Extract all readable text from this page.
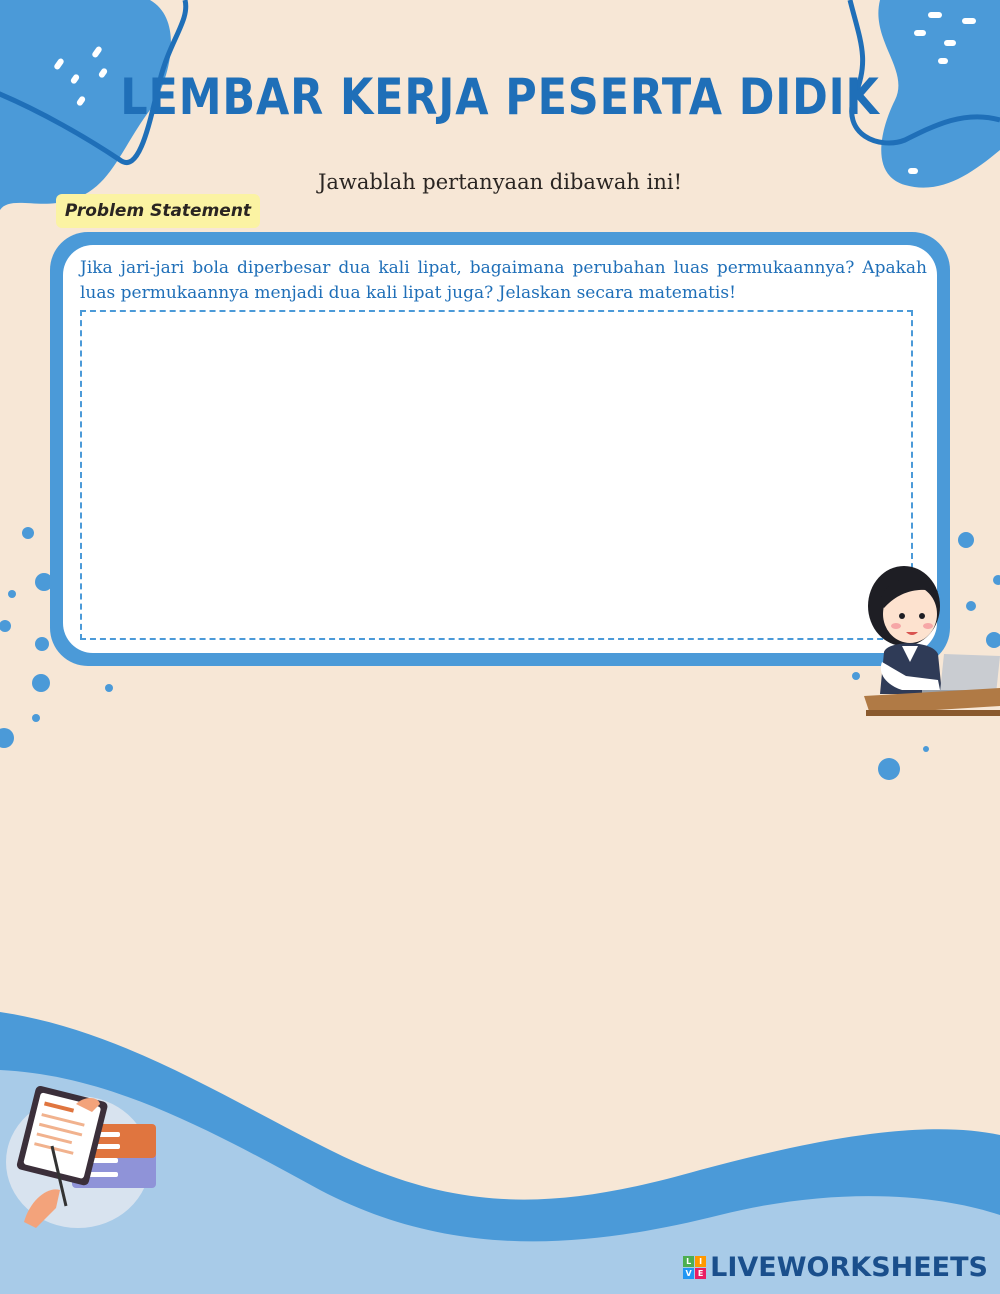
LEMBAR KERJA PESERTA DIDIK
Jawablah pertanyaan dibawah ini!
Problem Statement
Jika jari-jari bola diperbesar dua kali lipat, bagaimana perubahan luas permukaannya? Apakah luas permukaannya menjadi dua kali lipat juga? Jelaskan secara matematis!
L I
V E LIVEWORKSHEETS
